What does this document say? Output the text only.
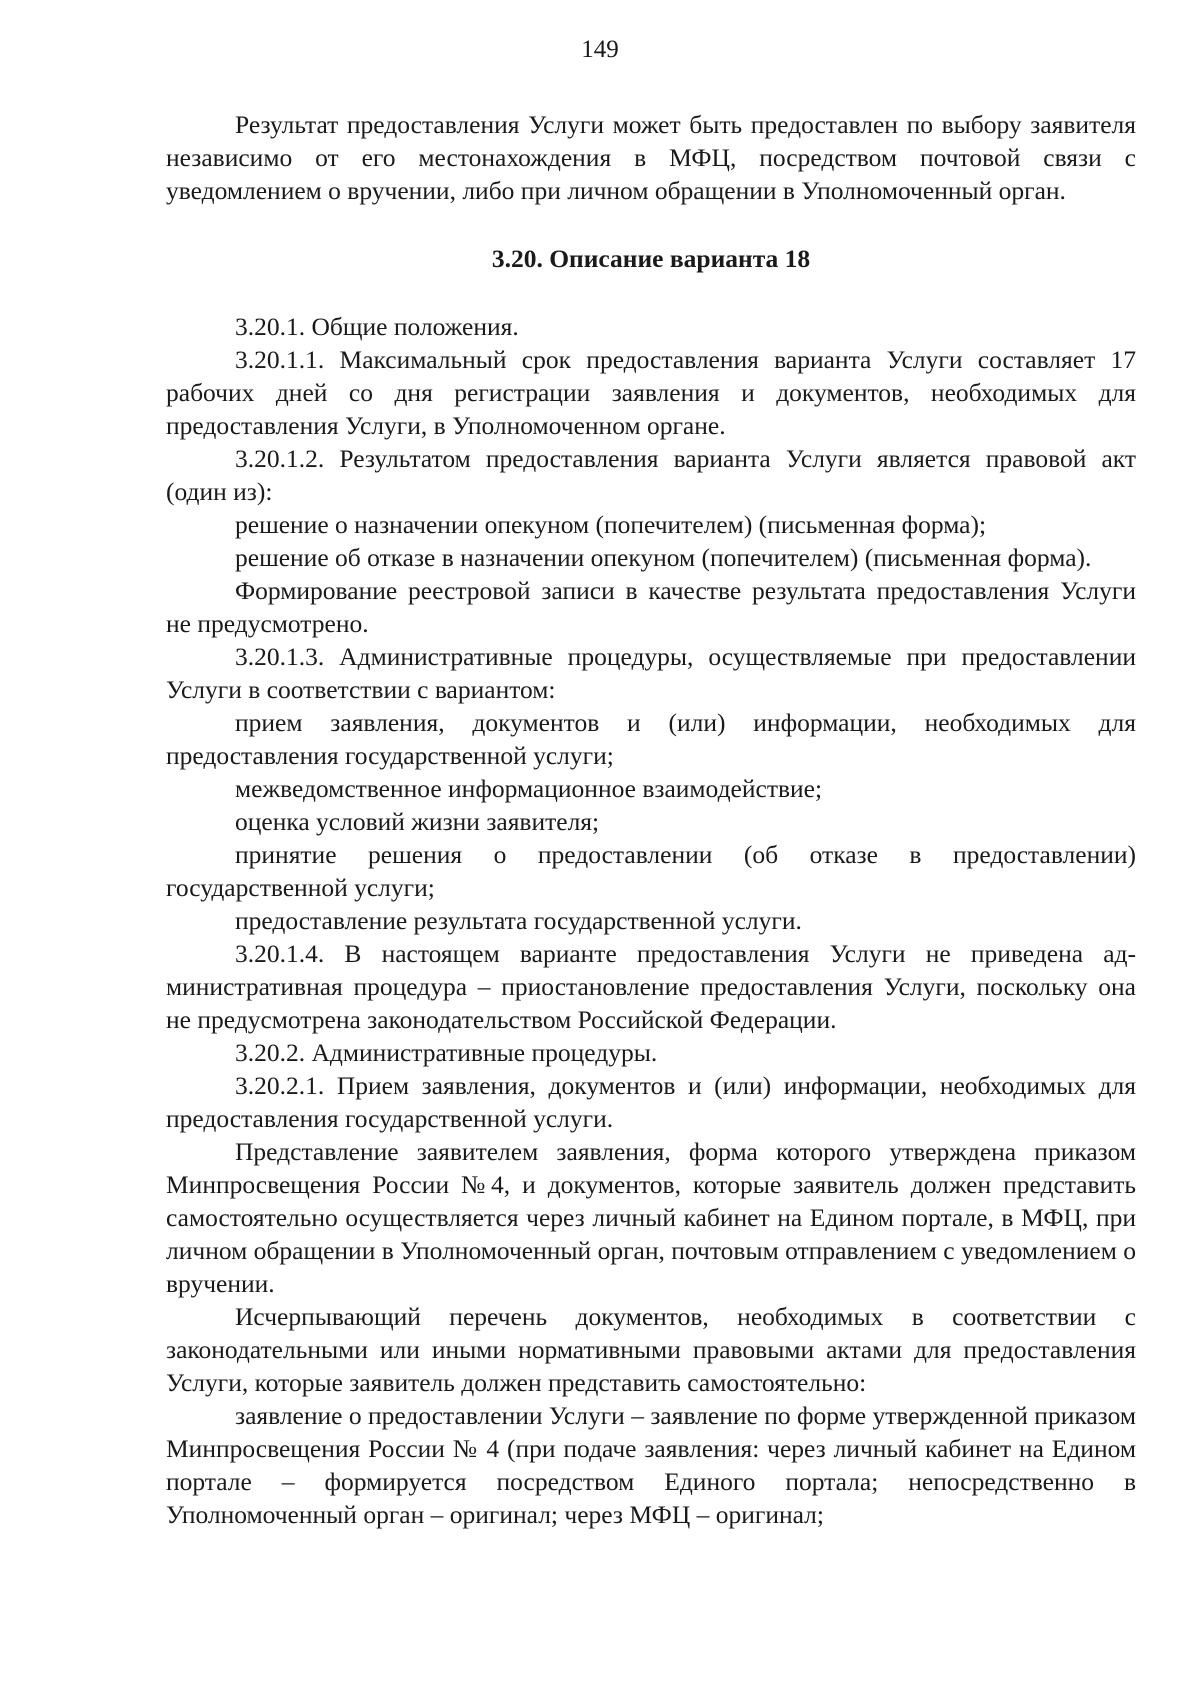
149

Результат предоставления Услуги может быть предоставлен по выбору заявителя независимо от его местонахождения в МФЦ, посредством почтовой связи с уведомлением о вручении, либо при личном обращении в Уполномоченный орган.

3.20. Описание варианта 18

3.20.1. Общие положения.

3.20.1.1. Максимальный срок предоставления варианта Услуги составляет 17 рабочих дней со дня регистрации заявления и документов, необходимых для предоставления Услуги, в Уполномоченном органе.

3.20.1.2. Результатом предоставления варианта Услуги является правовой акт (один из):

решение о назначении опекуном (попечителем) (письменная форма);

решение об отказе в назначении опекуном (попечителем) (письменная форма).

Формирование реестровой записи в качестве результата предоставления Услуги не предусмотрено.

3.20.1.3. Административные процедуры, осуществляемые при предоставлении Услуги в соответствии с вариантом:

прием заявления, документов и (или) информации, необходимых для предоставления государственной услуги;

межведомственное информационное взаимодействие;

оценка условий жизни заявителя;

принятие решения о предоставлении (об отказе в предоставлении) государственной услуги;

предоставление результата государственной услуги.

3.20.1.4. В настоящем варианте предоставления Услуги не приведена административная процедура – приостановление предоставления Услуги, поскольку она не предусмотрена законодательством Российской Федерации.

3.20.2. Административные процедуры.

3.20.2.1. Прием заявления, документов и (или) информации, необходимых для предоставления государственной услуги.

Представление заявителем заявления, форма которого утверждена приказом Минпросвещения России №4, и документов, которые заявитель должен представить самостоятельно осуществляется через личный кабинет на Едином портале, в МФЦ, при личном обращении в Уполномоченный орган, почтовым отправлением с уведомлением о вручении.

Исчерпывающий перечень документов, необходимых в соответствии с законодательными или иными нормативными правовыми актами для предоставления Услуги, которые заявитель должен представить самостоятельно:

заявление о предоставлении Услуги – заявление по форме утвержденной приказом Минпросвещения России № 4 (при подаче заявления: через личный кабинет на Едином портале – формируется посредством Единого портала; непосредственно в Уполномоченный орган – оригинал; через МФЦ – оригинал;
